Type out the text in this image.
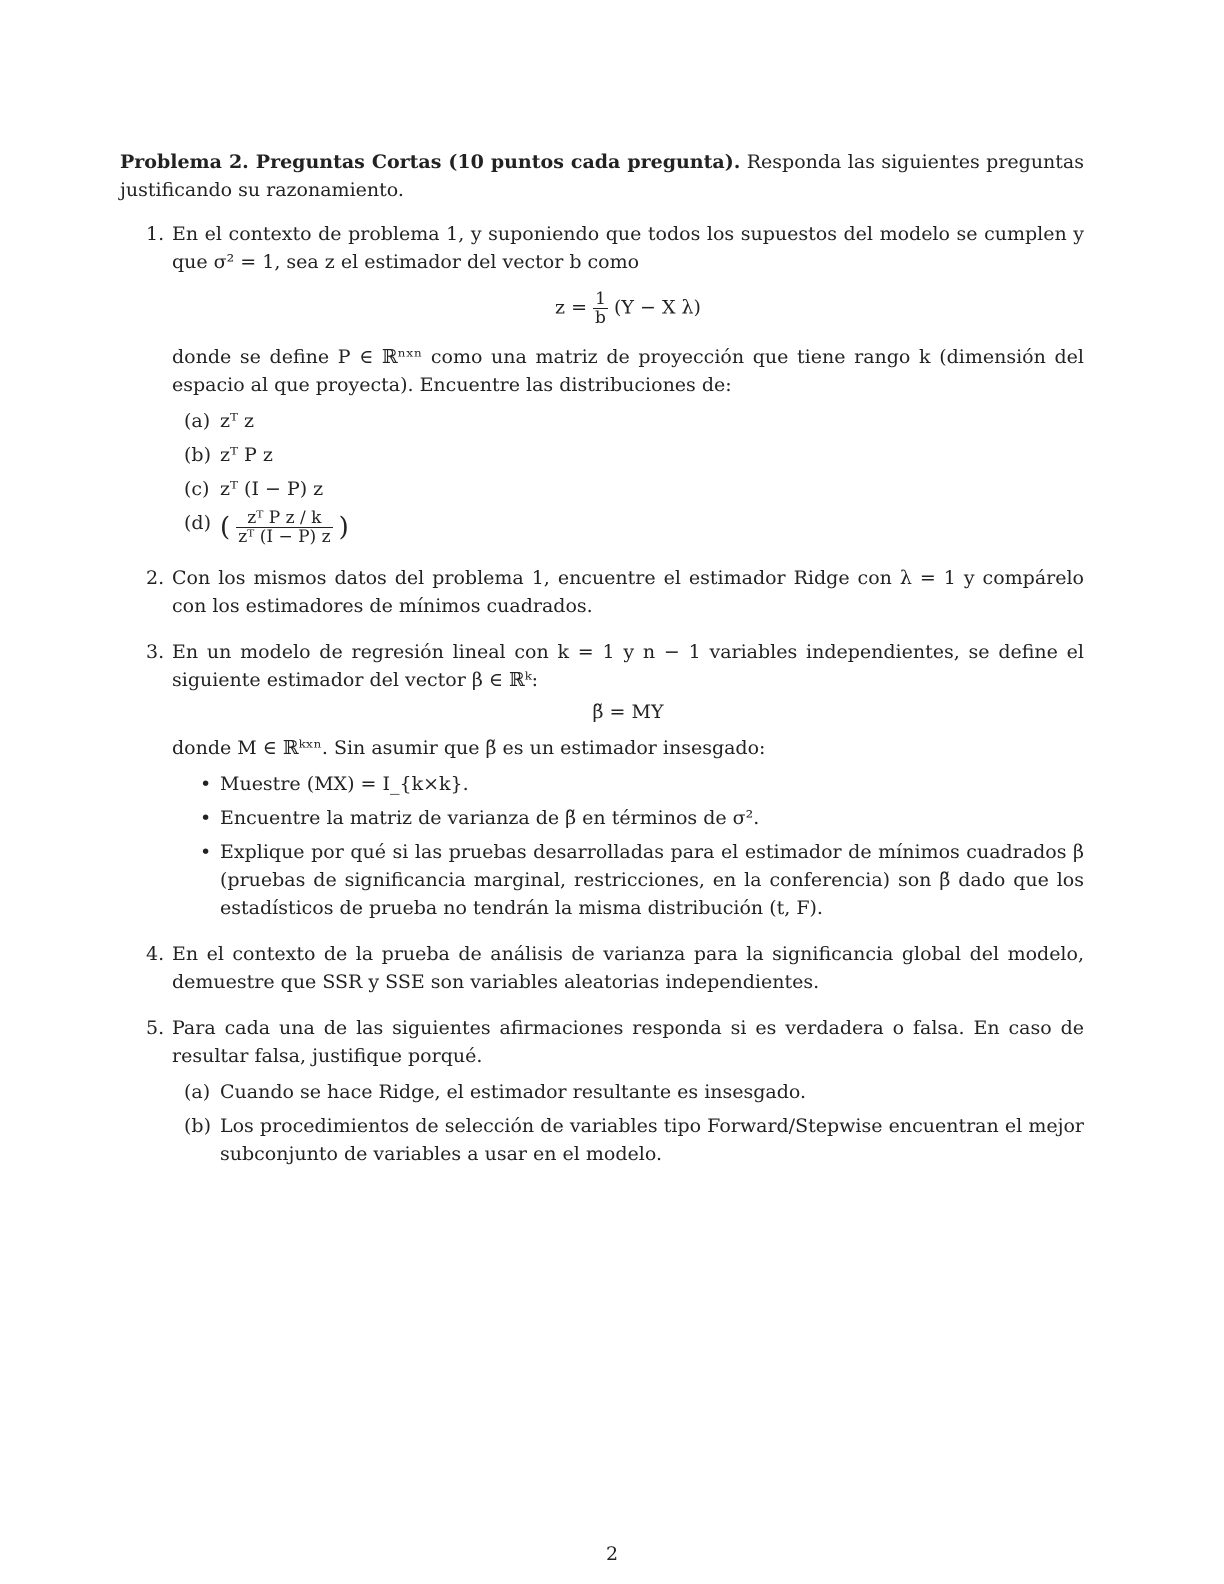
Problema 2. Preguntas Cortas (10 puntos cada pregunta). Responda las siguientes preguntas justificando su razonamiento.

1. En el contexto de problema 1, y suponiendo que todos los supuestos del modelo se cumplen y que σ² = 1, sea z el estimador del vector b como
$z = \frac{1}{b} (Y - X$ λ)
donde se define P ∈ ℝⁿˣⁿ como una matriz de proyección que tiene rango k (dimensión del espacio al que proyecta). Encuentre las distribuciones de:
(a) zᵀ z
(b) zᵀ P z
(c) zᵀ (I − P) z
(d) ( $\frac{\text{zᵀ P z / k}}{\text{zᵀ (I − P) z}}$ )
2. Con los mismos datos del problema 1, encuentre el estimador Ridge con λ = 1 y compárelo con los estimadores de mínimos cuadrados.
3. En un modelo de regresión lineal con k = 1 y n − 1 variables independientes, se define el siguiente estimador del vector β ∈ ℝᵏ:
β̃ = MY
donde M ∈ ℝᵏˣⁿ. Sin asumir que β̃ es un estimador insesgado:
• Muestre (MX) = I_{k×k}.
• Encuentre la matriz de varianza de β̃ en términos de σ².
• Explique por qué si las pruebas desarrolladas para el estimador de mínimos cuadrados β (pruebas de significancia marginal, restricciones, en la conferencia) son β̃ dado que los estadísticos de prueba no tendrán la misma distribución (t, F).
4. En el contexto de la prueba de análisis de varianza para la significancia global del modelo, demuestre que SSR y SSE son variables aleatorias independientes.
5. Para cada una de las siguientes afirmaciones responda si es verdadera o falsa. En caso de resultar falsa, justifique porqué.
(a) Cuando se hace Ridge, el estimador resultante es insesgado.
(b) Los procedimientos de selección de variables tipo Forward/Stepwise encuentran el mejor subconjunto de variables a usar en el modelo.
2
